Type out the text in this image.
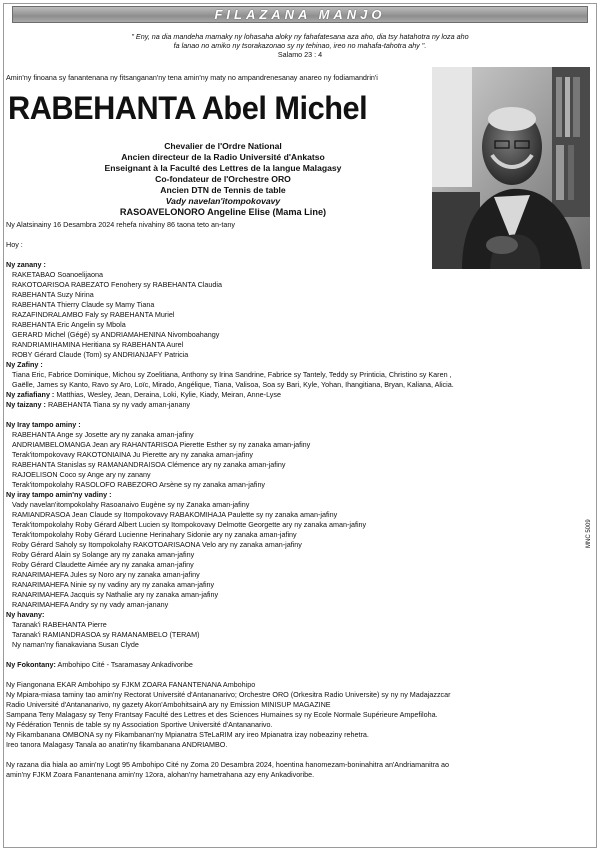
FILAZANA MANJO
" Eny, na dia mandeha mamaky ny lohasaha aloky ny fahafatesana aza aho, dia tsy hatahotra ny loza aho
fa lanao no amiko ny tsorakazonao sy ny tehinao, ireo no mahafa-tahotra ahy ".
Salamo 23 : 4
Amin'ny finoana sy fanantenana ny fitsanganan'ny tena amin'ny maty no ampandrenesanay anareo ny fodiamandrin'i
RABEHANTA Abel Michel
Chevalier de l'Ordre National
Ancien directeur de la Radio Université d'Ankatso
Enseignant à la Faculté des Lettres de la langue Malagasy
Co-fondateur de l'Orchestre ORO
Ancien DTN de Tennis de table
Vady navelan'itompokovavy
RASOAVELONORO Angeline Elise (Mama Line)
Ny Alatsinainy 16 Desambra 2024 rehefa nivahiny 86 taona teto an-tany
Hoy :
Ny zanany :
RAKETABAO Soanoelijaona
RAKOTOARISOA RABEZATO Fenohery sy RABEHANTA Claudia
RABEHANTA Suzy Nirina
RABEHANTA Thierry Claude sy Mamy Tiana
RAZAFINDRALAMBO Faly sy RABEHANTA Muriel
RABEHANTA Eric Angelin sy Mbola
GERARD Michel (Gégé) sy ANDRIAMAHENINA Nivomboahangy
RANDRIAMIHAMINA Heritiana sy RABEHANTA Aurel
ROBY Gérard Claude (Tom) sy ANDRIANJAFY Patricia
Ny Zafiny :
Tiana Eric, Fabrice Dominique, Michou sy Zoelitiana, Anthony sy Irina Sandrine, Fabrice sy Tantely, Teddy sy Printicia, Christino sy Karen ,
Gaëlle, James sy Kanto, Ravo sy Aro, Loïc, Mirado, Angélique, Tiana, Valisoa, Soa sy Bari, Kyle, Yohan, Ihangitiana, Bryan, Kaliana, Alicia.
Ny zafiafiany : Matthias, Wesley, Jean, Deraina, Loki, Kylie, Kiady, Meiran, Anne-Lyse
Ny taizany : RABEHANTA Tiana sy ny vady aman-janany
Ny Iray tampo aminy :
RABEHANTA Ange sy Josette ary ny zanaka aman-jafiny
ANDRIAMBELOMANGA Jean ary RAHANTARISOA Pierette Esther sy ny zanaka aman-jafiny
Terak'itompokovavy RAKOTONIAINA Ju Pierette ary ny zanaka aman-jafiny
RABEHANTA Stanislas sy RAMANANDRAISOA Clémence ary ny zanaka aman-jafiny
RAJOELISON Coco sy Ange ary ny zanany
Terak'itompokolahy RASOLOFO RABEZORO Arsène sy ny zanaka aman-jafiny
Ny iray tampo amin'ny vadiny :
Vady navelan'itompokolahy Rasoanaivo Eugène sy ny Zanaka aman-jafiny
RAMIANDRASOA Jean Claude sy Itompokovavy RABAKOMIHAJA Paulette sy ny zanaka aman-jafiny
Terak'itompokolahy Roby Gérard Albert Lucien sy Itompokovavy Delmotte Georgette ary ny zanaka aman-jafiny
Terak'itompokolahy Roby Gérard Lucienne Herinahary Sidonie ary ny zanaka aman-jafiny
Roby Gérard Saholy sy Itompokolahy RAKOTOARISAONA Velo ary ny zanaka aman-jafiny
Roby Gérard Alain sy Solange ary ny zanaka aman-jafiny
Roby Gérard Claudette Aimée ary ny zanaka aman-jafiny
RANARIMAHEFA Jules sy Noro ary ny zanaka aman-jafiny
RANARIMAHEFA Ninie sy ny vadiny ary ny zanaka aman-jafiny
RANARIMAHEFA Jacquis sy Nathalie ary ny zanaka aman-jafiny
RANARIMAHEFA Andry sy ny vady aman-janany
Ny havany:
Taranak'i RABEHANTA Pierre
Taranak'i RAMIANDRASOA sy RAMANAMBELO (TERAM)
Ny naman'ny fianakaviana Susan Clyde
Ny Fokontany: Ambohipo Cité - Tsaramasay Ankadivoribe
Ny Fiangonana EKAR Ambohipo sy FJKM ZOARA FANANTENANA Ambohipo
Ny Mpiara-miasa taminy tao amin'ny Rectorat Université d'Antananarivo; Orchestre ORO (Orkesitra Radio Universite) sy ny ny Madajazzcar
Radio Université d'Antananarivo, ny gazety Akon'AmbohitsainA ary ny Emission MINISUP MAGAZINE
Sampana Teny Malagasy sy Teny Frantsay Faculté des Lettres et des Sciences Humaines sy ny Ecole Normale Supérieure Ampefiloha.
Ny Fédération Tennis de table sy ny Association Sportive Université d'Antananarivo.
Ny Fikambanana OMBONA sy ny Fikambanan'ny Mpianatra STeLaRIM ary ireo Mpianatra izay nobeaziny rehetra.
Ireo tanora Malagasy Tanala ao anatin'ny fikambanana ANDRIAMBO.
Ny razana dia hiala ao amin'ny Logt 95 Ambohipo Cité ny Zoma 20 Desambra 2024, hoentina hanomezam-boninahitra an'Andriamanitra ao
amin'ny FJKM Zoara Fanantenana amin'ny 12ora, alohan'ny hametrahana azy eny Ankadivoribe.
MNC 5009
